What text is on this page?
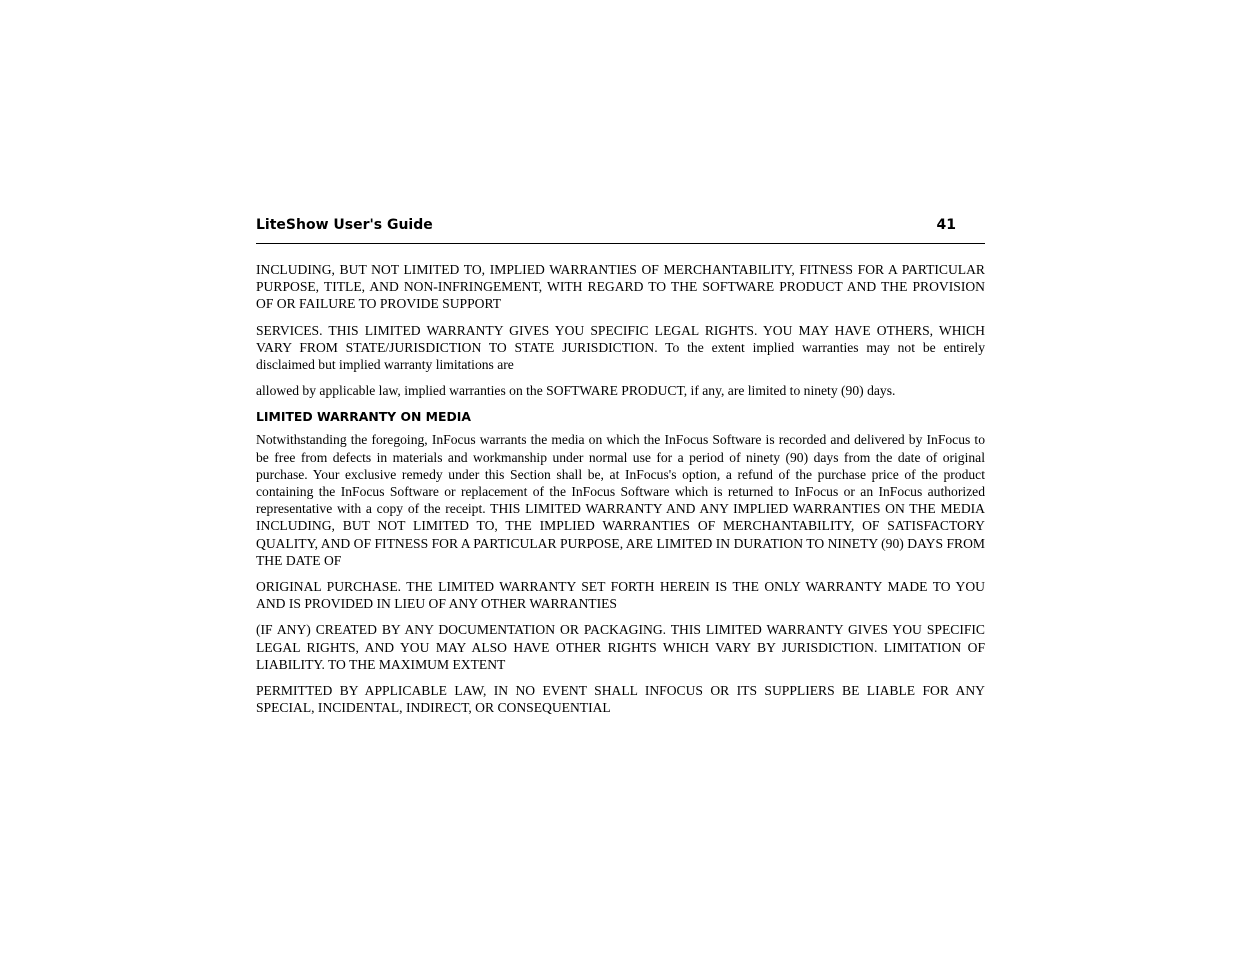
LiteShow User's Guide	41

INCLUDING, BUT NOT LIMITED TO, IMPLIED WARRANTIES OF MERCHANTABILITY, FITNESS FOR A PARTICULAR PURPOSE, TITLE, AND NON-INFRINGEMENT, WITH REGARD TO THE SOFTWARE PRODUCT AND THE PROVISION OF OR FAILURE TO PROVIDE SUPPORT

SERVICES. THIS LIMITED WARRANTY GIVES YOU SPECIFIC LEGAL RIGHTS. YOU MAY HAVE OTHERS, WHICH VARY FROM STATE/JURISDICTION TO STATE JURISDICTION. To the extent implied warranties may not be entirely disclaimed but implied warranty limitations are

allowed by applicable law, implied warranties on the SOFTWARE PRODUCT, if any, are limited to ninety (90) days.

LIMITED WARRANTY ON MEDIA

Notwithstanding the foregoing, InFocus warrants the media on which the InFocus Software is recorded and delivered by InFocus to be free from defects in materials and workmanship under normal use for a period of ninety (90) days from the date of original purchase. Your exclusive remedy under this Section shall be, at InFocus's option, a refund of the purchase price of the product containing the InFocus Software or replacement of the InFocus Software which is returned to InFocus or an InFocus authorized representative with a copy of the receipt. THIS LIMITED WARRANTY AND ANY IMPLIED WARRANTIES ON THE MEDIA INCLUDING, BUT NOT LIMITED TO, THE IMPLIED WARRANTIES OF MERCHANTABILITY, OF SATISFACTORY QUALITY, AND OF FITNESS FOR A PARTICULAR PURPOSE, ARE LIMITED IN DURATION TO NINETY (90) DAYS FROM THE DATE OF

ORIGINAL PURCHASE. THE LIMITED WARRANTY SET FORTH HEREIN IS THE ONLY WARRANTY MADE TO YOU AND IS PROVIDED IN LIEU OF ANY OTHER WARRANTIES

(IF ANY) CREATED BY ANY DOCUMENTATION OR PACKAGING. THIS LIMITED WARRANTY GIVES YOU SPECIFIC LEGAL RIGHTS, AND YOU MAY ALSO HAVE OTHER RIGHTS WHICH VARY BY JURISDICTION. LIMITATION OF LIABILITY. TO THE MAXIMUM EXTENT

PERMITTED BY APPLICABLE LAW, IN NO EVENT SHALL INFOCUS OR ITS SUPPLIERS BE LIABLE FOR ANY SPECIAL, INCIDENTAL, INDIRECT, OR CONSEQUENTIAL
